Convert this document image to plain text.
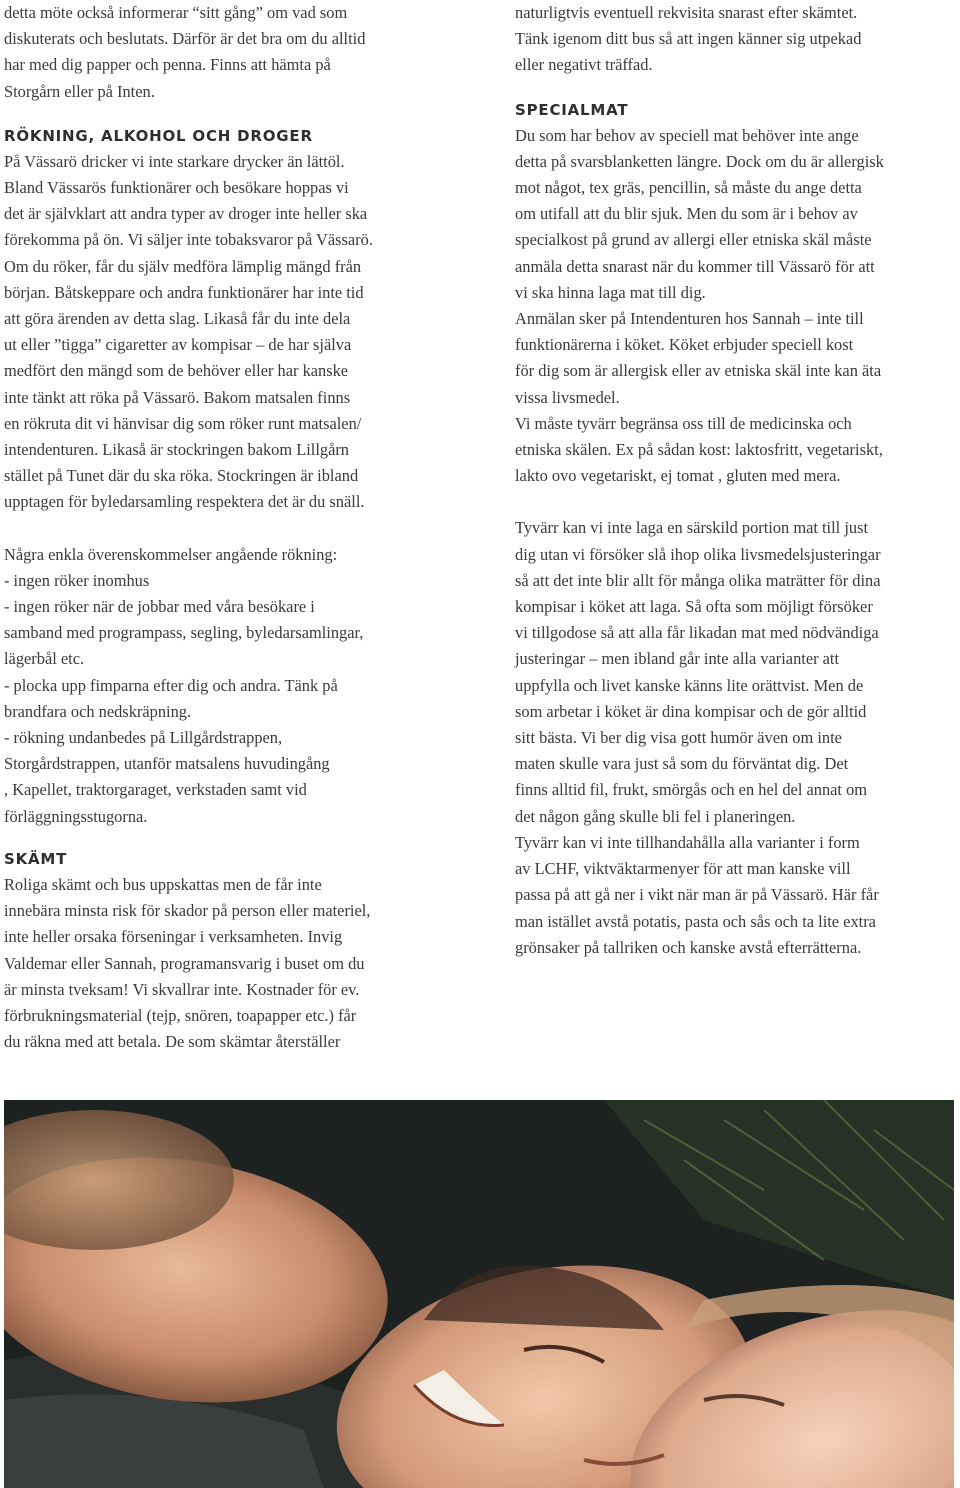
detta möte också informerar “sitt gång” om vad som
diskuterats och beslutats. Därför är det bra om du alltid
har med dig papper och penna. Finns att hämta på
Storgårn eller på Inten.

RÖKNING, ALKOHOL OCH DROGER

På Vässarö dricker vi inte starkare drycker än lättöl.
Bland Vässarös funktionärer och besökare hoppas vi
det är självklart att andra typer av droger inte heller ska
förekomma på ön. Vi säljer inte tobaksvaror på Vässarö.
Om du röker, får du själv medföra lämplig mängd från
början. Båtskeppare och andra funktionärer har inte tid
att göra ärenden av detta slag. Likaså får du inte dela
ut eller ”tigga” cigaretter av kompisar – de har själva
medfört den mängd som de behöver eller har kanske
inte tänkt att röka på Vässarö. Bakom matsalen finns
en rökruta dit vi hänvisar dig som röker runt matsalen/
intendenturen. Likaså är stockringen bakom Lillgårn
stället på Tunet där du ska röka. Stockringen är ibland
upptagen för byledarsamling respektera det är du snäll.

Några enkla överenskommelser angående rökning:
- ingen röker inomhus
- ingen röker när de jobbar med våra besökare i
samband med programpass, segling, byledarsamlingar,
lägerbål etc.
- plocka upp fimparna efter dig och andra. Tänk på
brandfara och nedskräpning.
- rökning undanbedes på Lillgårdstrappen,
Storgårdstrappen, utanför matsalens huvudingång
, Kapellet, traktorgaraget, verkstaden samt vid
förläggningsstugorna.

SKÄMT

Roliga skämt och bus uppskattas men de får inte
innebära minsta risk för skador på person eller materiel,
inte heller orsaka förseningar i verksamheten. Invig
Valdemar eller Sannah, programansvarig i buset om du
är minsta tveksam! Vi skvallrar inte. Kostnader för ev.
förbrukningsmaterial (tejp, snören, toapapper etc.) får
du räkna med att betala. De som skämtar återställer

naturligtvis eventuell rekvisita snarast efter skämtet.
Tänk igenom ditt bus så att ingen känner sig utpekad
eller negativt träffad.

SPECIALMAT

Du som har behov av speciell mat behöver inte ange
detta på svarsblanketten längre. Dock om du är allergisk
mot något, tex gräs, pencillin, så måste du ange detta
om utifall att du blir sjuk. Men du som är i behov av
specialkost på grund av allergi eller etniska skäl måste
anmäla detta snarast när du kommer till Vässarö för att
vi ska hinna laga mat till dig.
Anmälan sker på Intendenturen hos Sannah – inte till
funktionärerna i köket. Köket erbjuder speciell kost
för dig som är allergisk eller av etniska skäl inte kan äta
vissa livsmedel.
Vi måste tyvärr begränsa oss till de medicinska och
etniska skälen. Ex på sådan kost: laktosfritt, vegetariskt,
lakto ovo vegetariskt, ej tomat , gluten med mera.

Tyvärr kan vi inte laga en särskild portion mat till just
dig utan vi försöker slå ihop olika livsmedelsjusteringar
så att det inte blir allt för många olika maträtter för dina
kompisar i köket att laga. Så ofta som möjligt försöker
vi tillgodose så att alla får likadan mat med nödvändiga
justeringar – men ibland går inte alla varianter att
uppfylla och livet kanske känns lite orättvist. Men de
som arbetar i köket är dina kompisar och de gör alltid
sitt bästa. Vi ber dig visa gott humör även om inte
maten skulle vara just så som du förväntat dig. Det
finns alltid fil, frukt, smörgås och en hel del annat om
det någon gång skulle bli fel i planeringen.
Tyvärr kan vi inte tillhandahålla alla varianter i form
av LCHF, viktväktarmenyer för att man kanske vill
passa på att gå ner i vikt när man är på Vässarö. Här får
man istället avstå potatis, pasta och sås och ta lite extra
grönsaker på tallriken och kanske avstå efterrätterna.
